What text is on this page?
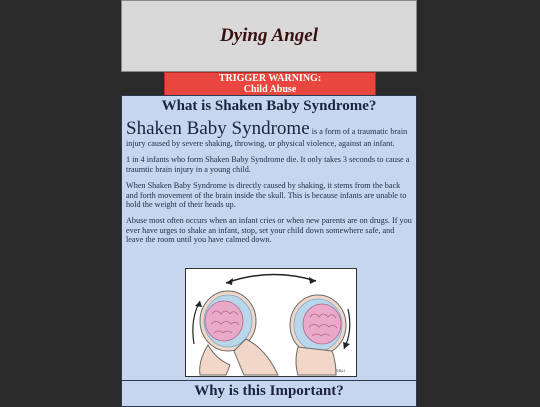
Dying Angel
TRIGGER WARNING:
Child Abuse
What is Shaken Baby Syndrome?

Shaken Baby Syndrome is a form of a traumatic brain injury caused by severe shaking, throwing, or physical violence, against an infant.

1 in 4 infants who form Shaken Baby Syndrome die. It only takes 3 seconds to cause a traumtic brain injury in a young child.

When Shaken Baby Syndrome is directly caused by shaking, it stems from the back and forth movement of the brain inside the skull. This is because infants are unable to hold the weight of their heads up.

Abuse most often occurs when an infant cries or when new parents are on drugs. If you ever have urges to shake an infant, stop, set your child down somewhere safe, and leave the room until you have calmed down.

©BLI
Why is this Important?
